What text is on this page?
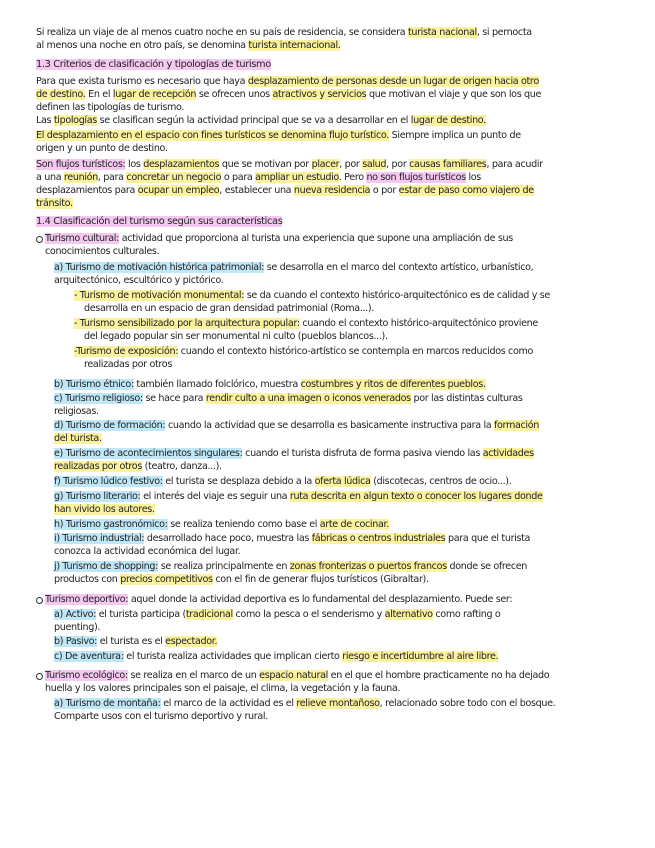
Si realiza un viaje de al menos cuatro noche en su país de residencia, se considera turista nacional, si pernocta
al menos una noche en otro país, se denomina turista internacional.
1.3 Criterios de clasificación y tipologías de turismo
Para que exista turismo es necesario que haya desplazamiento de personas desde un lugar de origen hacia otro
de destino. En el lugar de recepción se ofrecen unos atractivos y servicios que motivan el viaje y que son los que
definen las tipologías de turismo.
Las tipologías se clasifican según la actividad principal que se va a desarrollar en el lugar de destino.
El desplazamiento en el espacio con fines turísticos se denomina flujo turístico. Siempre implica un punto de
origen y un punto de destino.
Son flujos turísticos: los desplazamientos que se motivan por placer, por salud, por causas familiares, para acudir
a una reunión, para concretar un negocio o para ampliar un estudio. Pero no son flujos turísticos los
desplazamientos para ocupar un empleo, establecer una nueva residencia o por estar de paso como viajero de
tránsito.
1.4 Clasificación del turismo según sus características
Turismo cultural: actividad que proporciona al turista una experiencia que supone una ampliación de sus
conocimientos culturales.
a) Turismo de motivación histórica patrimonial: se desarrolla en el marco del contexto artístico, urbanístico,
arquitectónico, escultórico y pictórico.
- Turismo de motivación monumental: se da cuando el contexto histórico-arquitectónico es de calidad y se
desarrolla en un espacio de gran densidad patrimonial (Roma...).
- Turismo sensibilizado por la arquitectura popular: cuando el contexto histórico-arquitectónico proviene
del legado popular sin ser monumental ni culto (pueblos blancos...).
-Turismo de exposición: cuando el contexto histórico-artístico se contempla en marcos reducidos como
realizadas por otros
b) Turismo étnico: también llamado folclórico, muestra costumbres y ritos de diferentes pueblos.
c) Turismo religioso: se hace para rendir culto a una imagen o iconos venerados por las distintas culturas
religiosas.
d) Turismo de formación: cuando la actividad que se desarrolla es basicamente instructiva para la formación
del turista.
e) Turismo de acontecimientos singulares: cuando el turista disfruta de forma pasiva viendo las actividades
realizadas por otros (teatro, danza...).
f) Turismo lúdico festivo: el turista se desplaza debido a la oferta lúdica (discotecas, centros de ocio...).
g) Turismo literario: el interés del viaje es seguir una ruta descrita en algun texto o conocer los lugares donde
han vivido los autores.
h) Turismo gastronómico: se realiza teniendo como base el arte de cocinar.
i) Turismo industrial: desarrollado hace poco, muestra las fábricas o centros industriales para que el turista
conozca la actividad económica del lugar.
j) Turismo de shopping: se realiza principalmente en zonas fronterizas o puertos francos donde se ofrecen
productos con precios competitivos con el fin de generar flujos turísticos (Gibraltar).
Turismo deportivo: aquel donde la actividad deportiva es lo fundamental del desplazamiento. Puede ser:
a) Activo: el turista participa (tradicional como la pesca o el senderismo y alternativo como rafting o
puenting).
b) Pasivo: el turista es el espectador.
c) De aventura: el turista realiza actividades que implican cierto riesgo e incertidumbre al aire libre.
Turismo ecológico: se realiza en el marco de un espacio natural en el que el hombre practicamente no ha dejado
huella y los valores principales son el paisaje, el clima, la vegetación y la fauna.
a) Turismo de montaña: el marco de la actividad es el relieve montañoso, relacionado sobre todo con el bosque.
Comparte usos con el turismo deportivo y rural.
